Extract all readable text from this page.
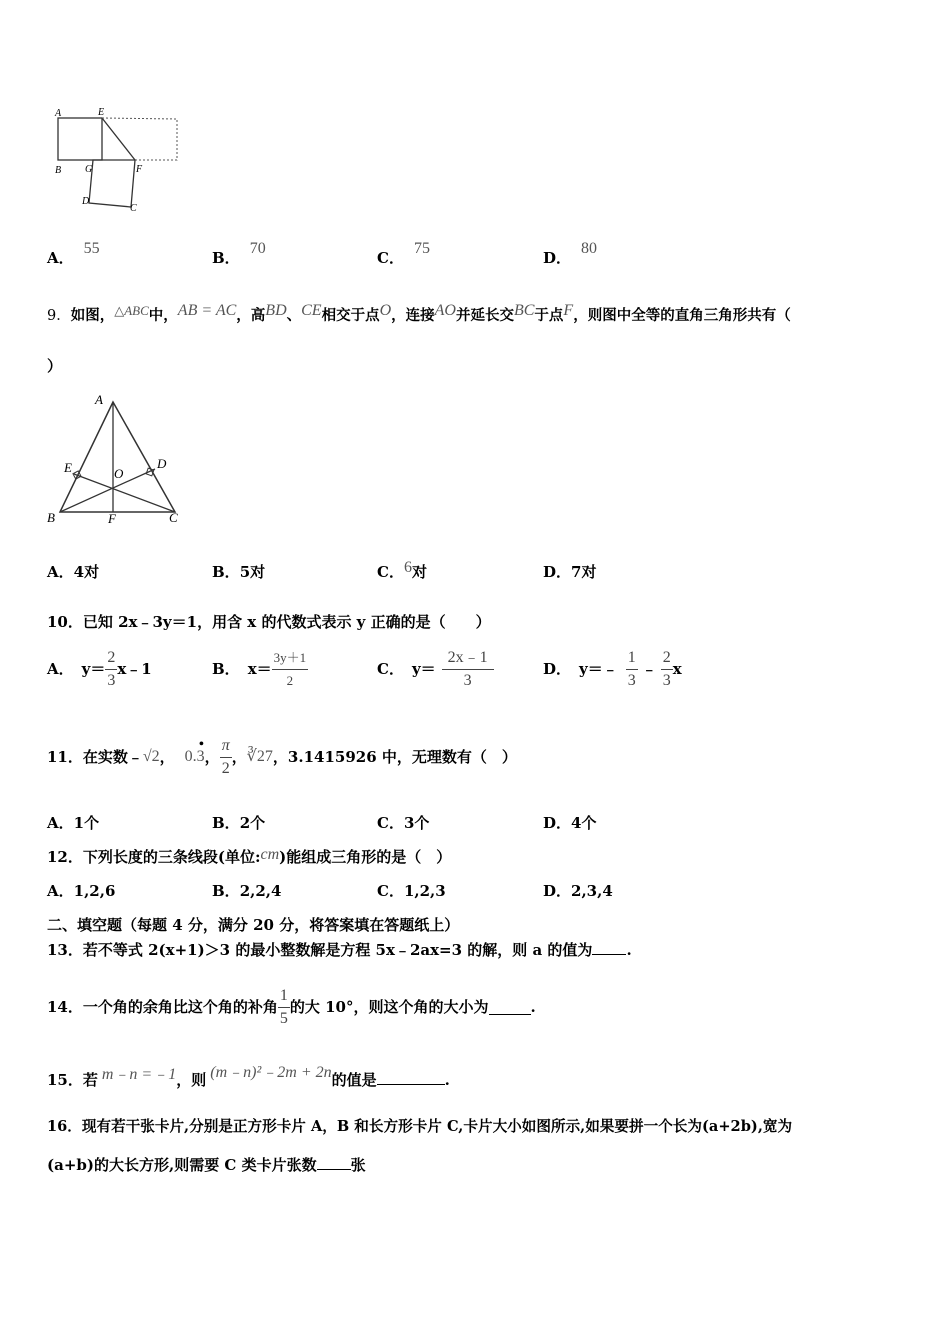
A	E
B G	F
D
C
A．55
B．70
C．75
D．80
9．如图，△ABC中，AB = AC，高BD、CE相交于点O，连接AO并延长交BC于点F，则图中全等的直角三角形共有（
）
A
E	O
D
B	F	C
A．4对	B．5对	C．6对	D．7对
10．已知 2x﹣3y＝1，用含 x 的代数式表示 y 正确的是（　　）
A． $y= \frac{2}{3}$ x﹣1	B． $x= \frac{3y+1}{2}$	C． $y= \frac{2x﹣1}{3}$	D． y＝﹣ $\frac{1}{3}$ ﹣ $\frac{2}{3}$ x
11．在实数﹣ √2 ， 0.3
•
， $\frac{\pi}{2}$ ， ∛27 ，3.1415926 中，无理数有（　）
A．1个	B．2个	C．3个	D．4个
12．下列长度的三条线段(单位:cm)能组成三角形的是（　）
A．1,2,6	B．2,2,4	C．1,2,3	D．2,3,4
二、填空题（每题 4 分，满分 20 分，将答案填在答题纸上）
13．若不等式 2(x+1)＞3 的最小整数解是方程 5x﹣2ax=3 的解，则 a 的值为 .
14．一个角的余角比这个角的补角 $\frac{1}{5}$ 的大 10°，则这个角的大小为	.
15．若 m﹣n =﹣1，则 (m﹣n)²﹣2m + 2n的值是	.
16．现有若干张卡片,分别是正方形卡片 A，B 和长方形卡片 C,卡片大小如图所示,如果要拼一个长为(a+2b),宽为
(a+b)的大长方形,则需要 C 类卡片张数 张
